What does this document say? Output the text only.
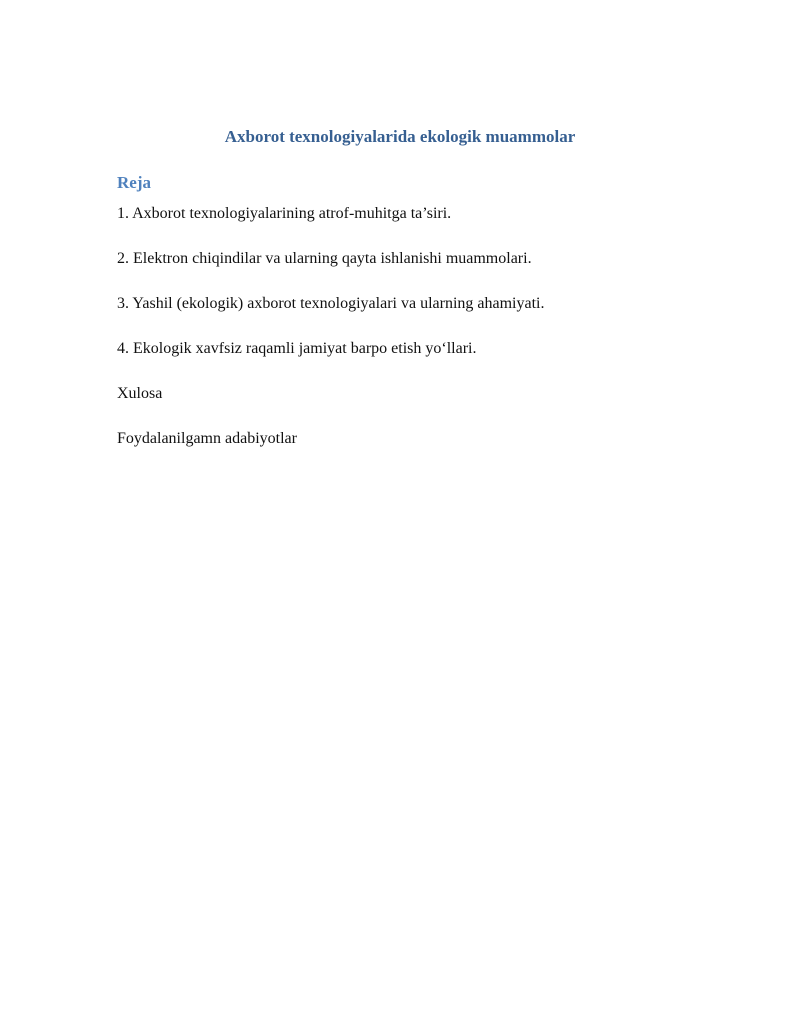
Axborot texnologiyalarida ekologik muammolar
Reja
1. Axborot texnologiyalarining atrof-muhitga ta’siri.
2. Elektron chiqindilar va ularning qayta ishlanishi muammolari.
3. Yashil (ekologik) axborot texnologiyalari va ularning ahamiyati.
4. Ekologik xavfsiz raqamli jamiyat barpo etish yo‘llari.
Xulosa
Foydalanilgamn adabiyotlar
